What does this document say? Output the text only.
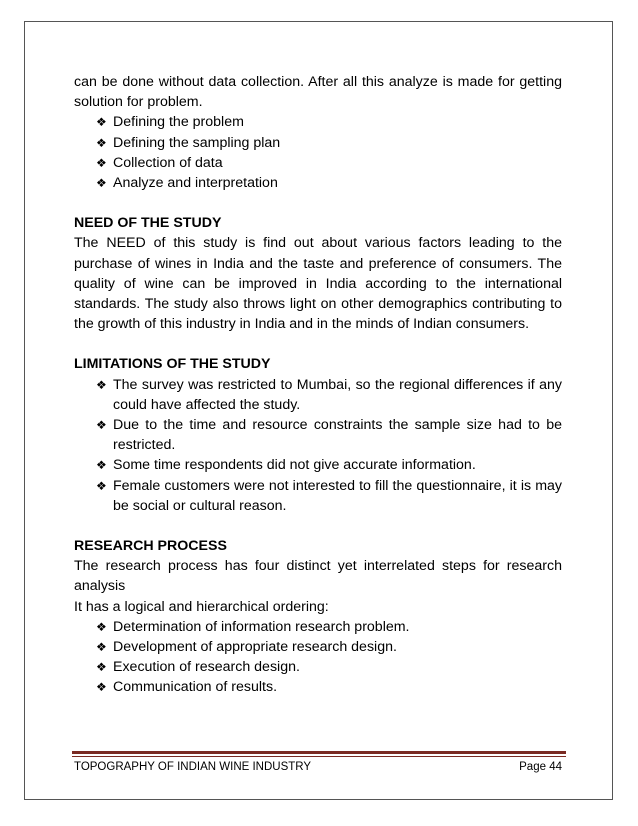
can be done without data collection. After all this analyze is made for getting solution for problem.

❖ Defining the problem
❖ Defining the sampling plan
❖ Collection of data
❖ Analyze and interpretation

NEED OF THE STUDY

The NEED of this study is find out about various factors leading to the purchase of wines in India and the taste and preference of consumers. The quality of wine can be improved in India according to the international standards. The study also throws light on other demographics contributing to the growth of this industry in India and in the minds of Indian consumers.

LIMITATIONS OF THE STUDY

❖ The survey was restricted to Mumbai, so the regional differences if any could have affected the study.
❖ Due to the time and resource constraints the sample size had to be restricted.
❖ Some time respondents did not give accurate information.
❖ Female customers were not interested to fill the questionnaire, it is may be social or cultural reason.

RESEARCH PROCESS

The research process has four distinct yet interrelated steps for research analysis

It has a logical and hierarchical ordering:

❖ Determination of information research problem.
❖ Development of appropriate research design.
❖ Execution of research design.
❖ Communication of results.
TOPOGRAPHY OF INDIAN WINE INDUSTRY	Page 44
